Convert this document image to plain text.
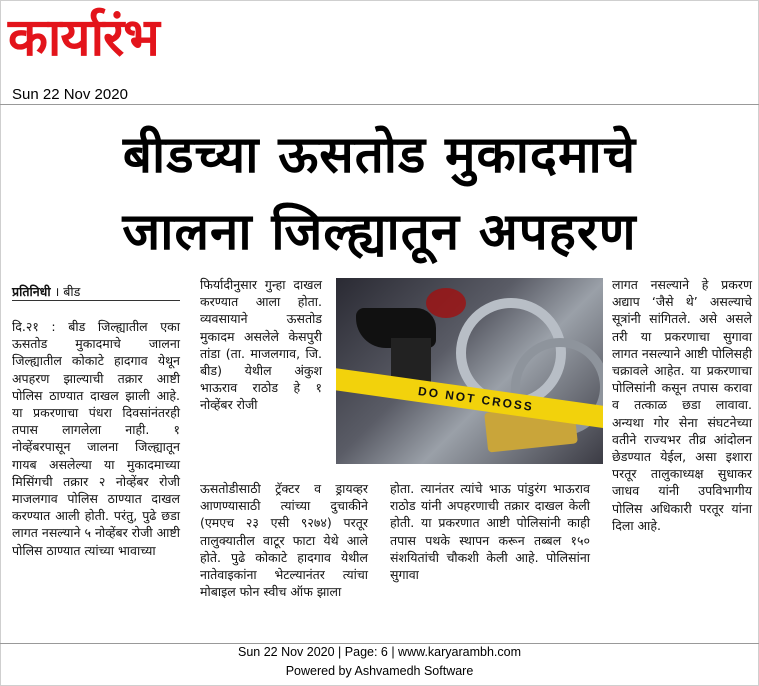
कार्यारंभ
Sun 22 Nov 2020
बीडच्या ऊसतोड मुकादमाचे
जालना जिल्ह्यातून अपहरण
प्रतिनिधी । बीड
दि.२१ : बीड जिल्ह्यातील एका ऊसतोड मुकादमाचे जालना जिल्ह्यातील कोकाटे हादगाव येथून अपहरण झाल्याची तक्रार आष्टी पोलिस ठाण्यात दाखल झाली आहे. या प्रकरणाचा पंधरा दिवसांनंतरही तपास लागलेला नाही. १ नोव्हेंबरपासून जालना जिल्ह्यातून गायब असलेल्या या मुकादमाच्या मिसिंगची तक्रार २ नोव्हेंबर रोजी माजलगाव पोलिस ठाण्यात दाखल करण्यात आली होती. परंतु, पुढे छडा लागत नसल्याने ५ नोव्हेंबर रोजी आष्टी पोलिस ठाण्यात त्यांच्या भावाच्या
फिर्यादीनुसार गुन्हा दाखल करण्यात आला होता. व्यवसायाने ऊसतोड मुकादम असलेले केसपुरी तांडा (ता. माजलगाव, जि. बीड) येथील अंकुश भाऊराव राठोड हे १ नोव्हेंबर रोजी
ऊसतोडीसाठी ट्रॅक्टर व ड्रायव्हर आणण्यासाठी त्यांच्या दुचाकीने (एमएच २३ एसी ९२७४) परतूर तालुक्यातील वाटूर फाटा येथे आले होते. पुढे कोकाटे हादगाव येथील नातेवाइकांना भेटल्यानंतर त्यांचा मोबाइल फोन स्वीच ऑफ झाला
होता. त्यानंतर त्यांचे भाऊ पांडुरंग भाऊराव राठोड यांनी अपहरणाची तक्रार दाखल केली होती. या प्रकरणात आष्टी पोलिसांनी काही तपास पथके स्थापन करून तब्बल १५० संशयितांची चौकशी केली आहे. पोलिसांना सुगावा
लागत नसल्याने हे प्रकरण अद्याप ‘जैसे थे’ असल्याचे सूत्रांनी सांगितले. असे असले तरी या प्रकरणाचा सुगावा लागत नसल्याने आष्टी पोलिसही चक्रावले आहेत. या प्रकरणाचा पोलिसांनी कसून तपास करावा व तत्काळ छडा लावावा. अन्यथा गोर सेना संघटनेच्या वतीने राज्यभर तीव्र आंदोलन छेडण्यात येईल, असा इशारा परतूर तालुकाध्यक्ष सुधाकर जाधव यांनी उपविभागीय पोलिस अधिकारी परतूर यांना दिला आहे.
DO NOT CROSS
Sun 22 Nov 2020 | Page: 6 | www.karyarambh.com
Powered by Ashvamedh Software
